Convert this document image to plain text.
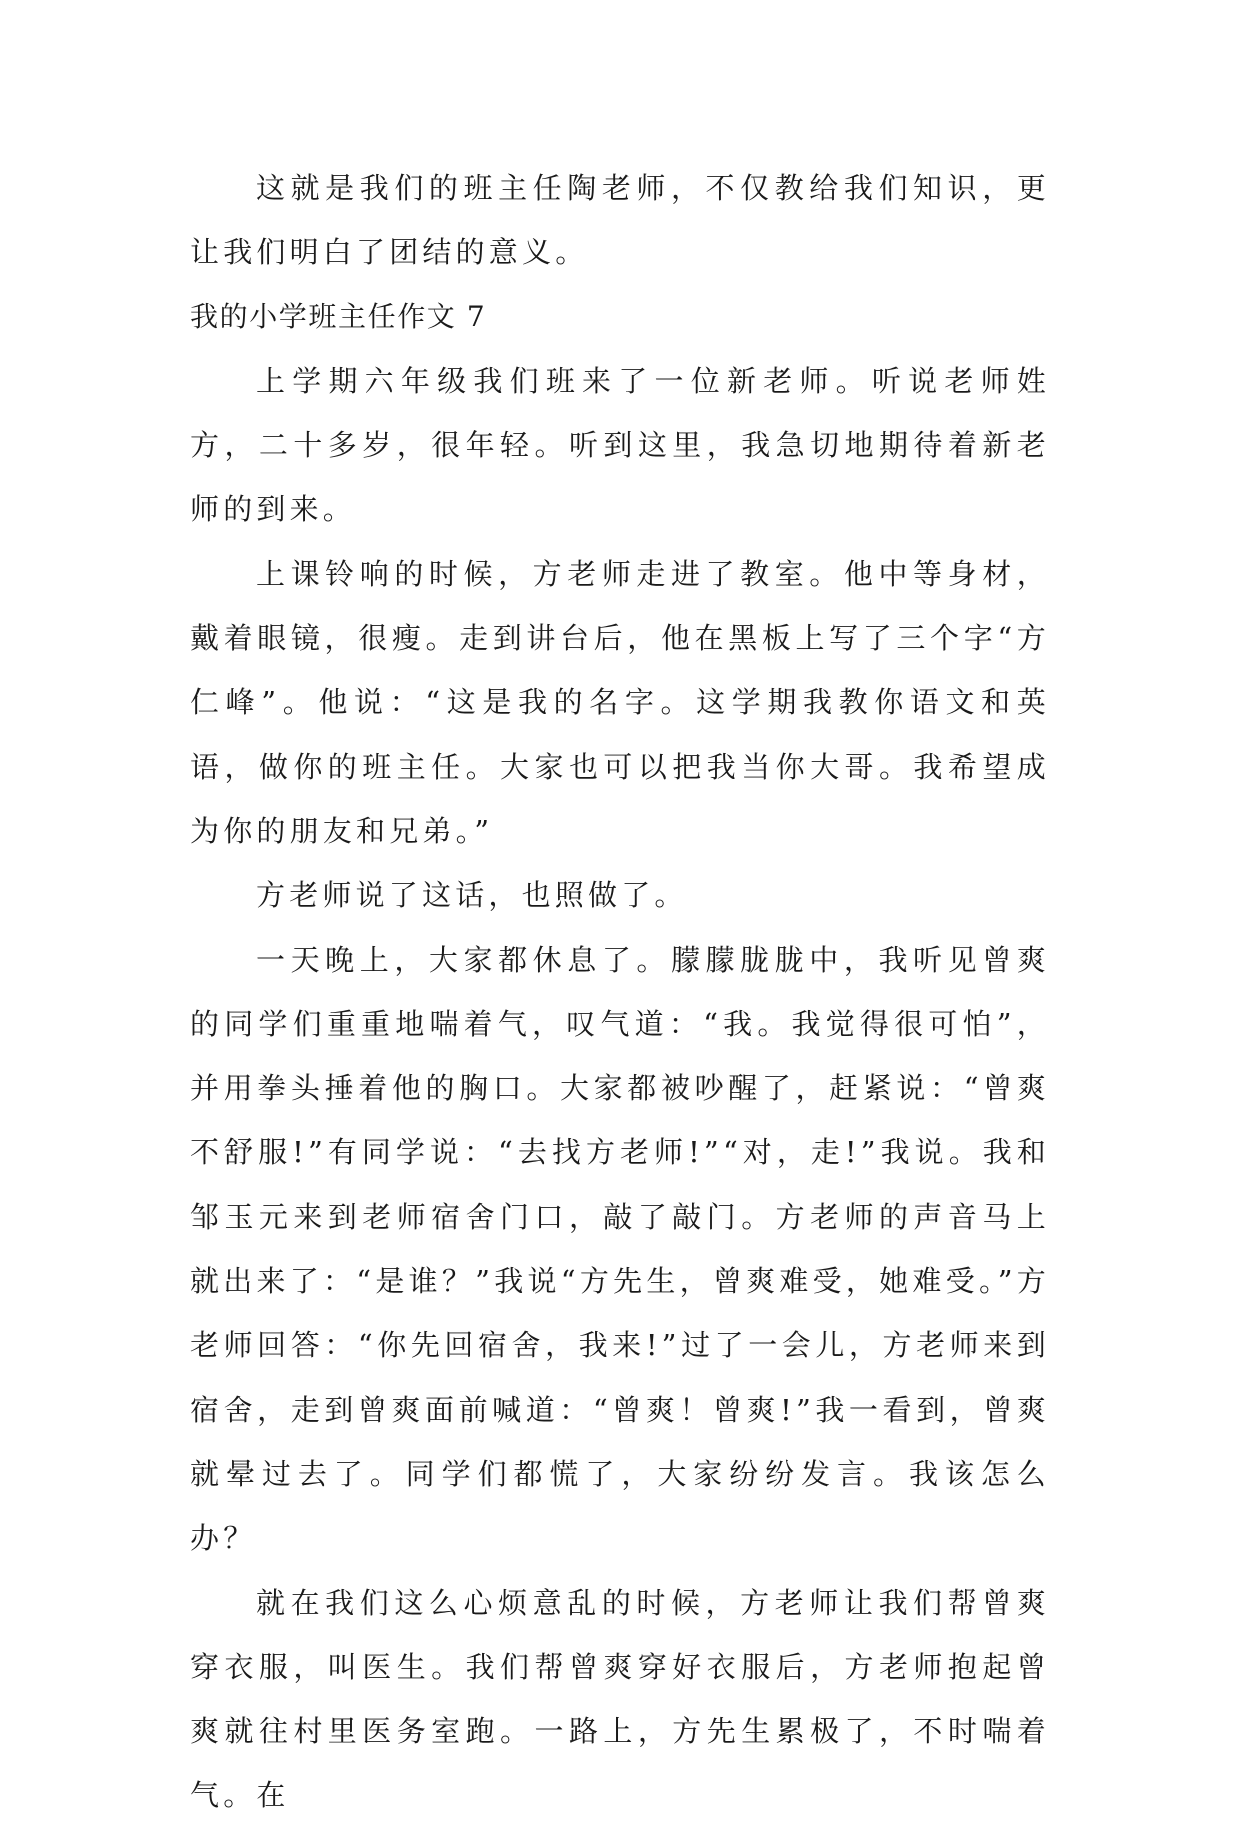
这就是我们的班主任陶老师，不仅教给我们知识，更让我们明白了团结的意义。

我的小学班主任作文 7

上学期六年级我们班来了一位新老师。听说老师姓方，二十多岁，很年轻。听到这里，我急切地期待着新老师的到来。

上课铃响的时候，方老师走进了教室。他中等身材，戴着眼镜，很瘦。走到讲台后，他在黑板上写了三个字“方仁峰”。他说：“这是我的名字。这学期我教你语文和英语，做你的班主任。大家也可以把我当你大哥。我希望成为你的朋友和兄弟。”

方老师说了这话，也照做了。

一天晚上，大家都休息了。朦朦胧胧中，我听见曾爽的同学们重重地喘着气，叹气道：“我。我觉得很可怕”，并用拳头捶着他的胸口。大家都被吵醒了，赶紧说：“曾爽不舒服!”有同学说：“去找方老师!”“对，走!”我说。我和邹玉元来到老师宿舍门口，敲了敲门。方老师的声音马上就出来了：“是谁？”我说“方先生，曾爽难受，她难受。”方老师回答：“你先回宿舍，我来!”过了一会儿，方老师来到宿舍，走到曾爽面前喊道：“曾爽！曾爽!”我一看到，曾爽就晕过去了。同学们都慌了，大家纷纷发言。我该怎么办？

就在我们这么心烦意乱的时候，方老师让我们帮曾爽穿衣服，叫医生。我们帮曾爽穿好衣服后，方老师抱起曾爽就往村里医务室跑。一路上，方先生累极了，不时喘着气。在
